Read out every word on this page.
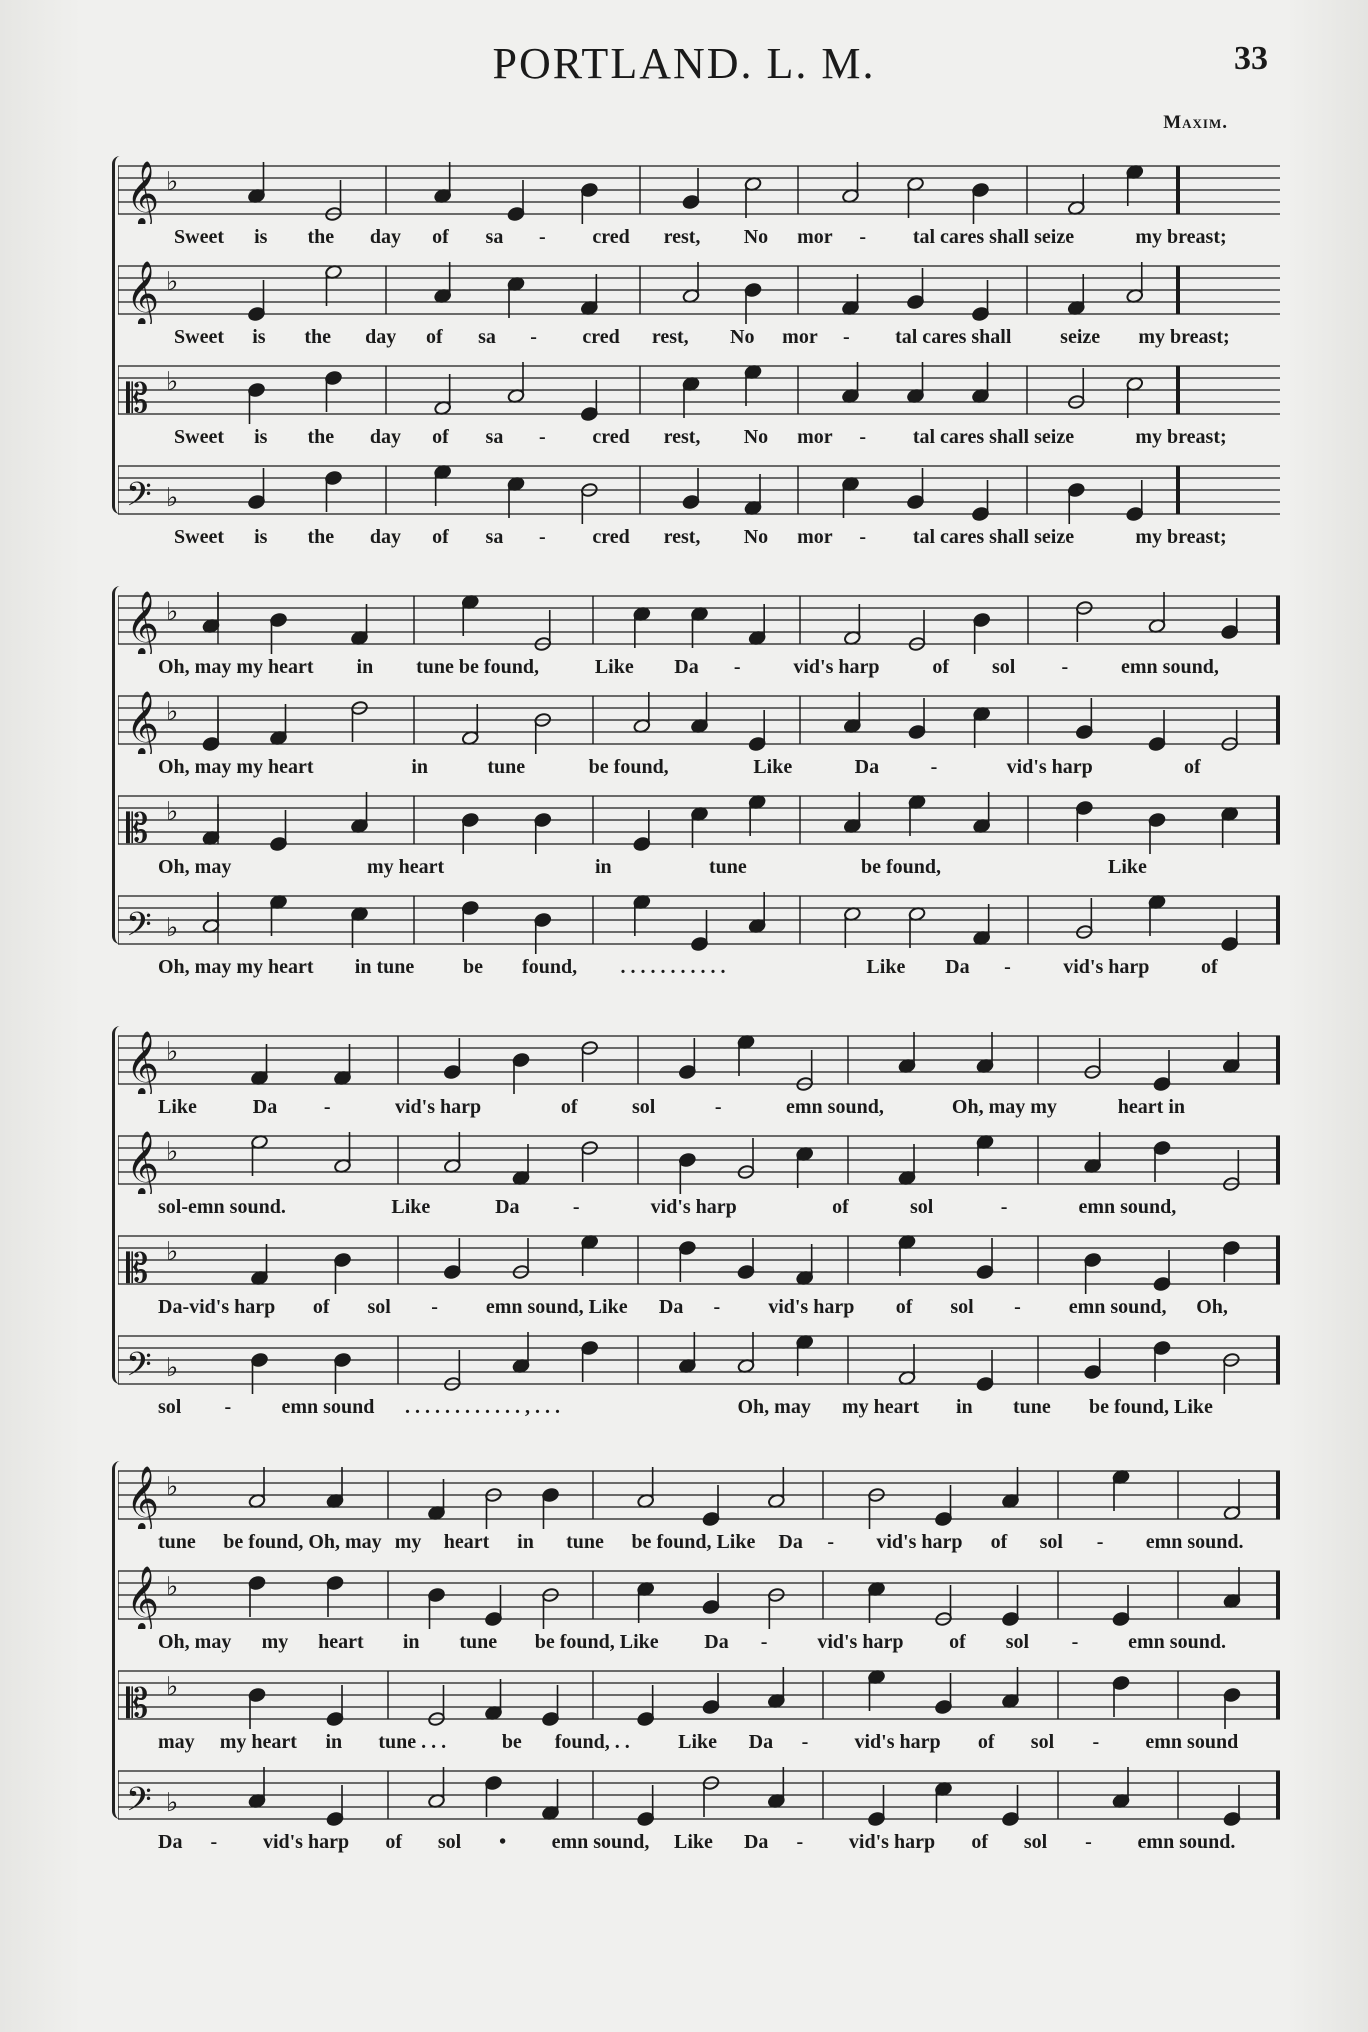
PORTLAND. L. M.	33
Maxim.
𝄞 ♭
Sweet is the day of sa - cred rest, No mor - tal cares shall seize	my breast;
𝄞 ♭
Sweet is the day of sa - cred rest, No mor - tal cares shall seize my breast;
𝄡 ♭
Sweet is the day of sa - cred rest, No mor - tal cares shall seize	my breast;
𝄢 ♭
Sweet is the day of sa - cred rest, No mor - tal cares shall seize	my breast;
𝄞 ♭
Oh, may my heart in tune be found,	Like Da -	vid's harp	of sol -	emn sound,
𝄞 ♭
Oh, may my heart	in	tune	be found,	Like	Da	-	vid's harp	of
𝄡 ♭
Oh, may	my heart	in	tune	be found,	Like
𝄢 ♭
Oh, may my heart in tune be found, . . . . . . . . . . .	Like Da -	vid's harp	of
𝄞 ♭
Like	Da -	vid's harp	of	sol	-	emn sound,	Oh, may my	heart in
𝄞 ♭
sol-emn sound.	Like	Da	-	vid's harp	of	sol	-	emn sound,
𝄡 ♭
Da-vid's harp of sol - emn sound, Like Da - vid's harp of sol - emn sound, Oh,
𝄢 ♭
sol -	emn sound . . . . . . . . . . . . , . . .	Oh, may my heart in tune be found, Like
𝄞 ♭
tune be found, Oh, may my heart in tune be found, Like Da - vid's harp of sol - emn sound.
𝄞 ♭
Oh, may my heart in tune be found, Like Da - vid's harp of sol - emn sound.
𝄡 ♭
may my heart in tune . . .	be found, . . Like Da - vid's harp of sol - emn sound
𝄢 ♭
Da - vid's harp of sol • emn sound, Like Da - vid's harp of sol - emn sound.
